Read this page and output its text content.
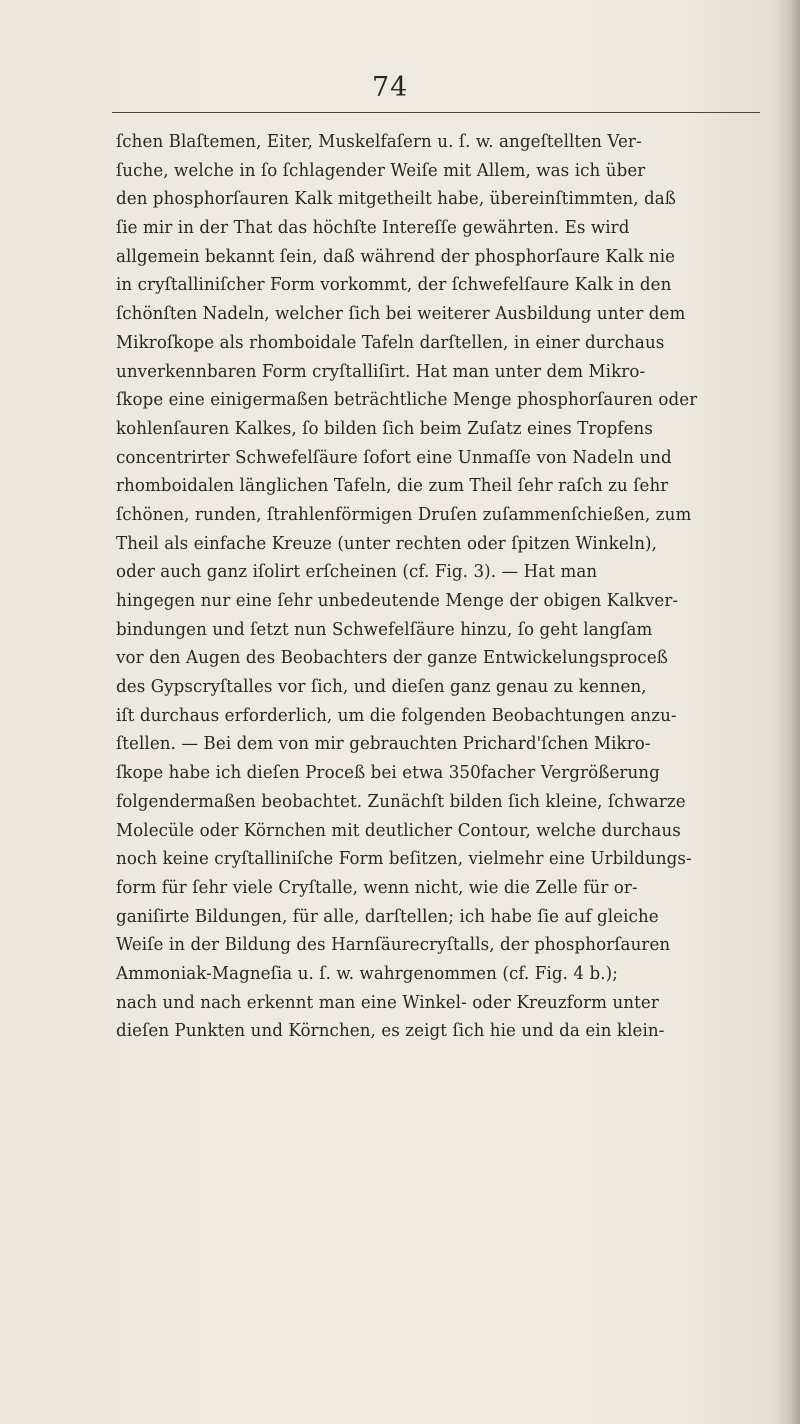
74
ſchen Blaſtemen, Eiter, Muskelfaſern u. ſ. w. angeſtellten Ver-
ſuche, welche in ſo ſchlagender Weiſe mit Allem, was ich über
den phosphorſauren Kalk mitgetheilt habe, übereinſtimmten, daß
ſie mir in der That das höchſte Intereſſe gewährten. Es wird
allgemein bekannt ſein, daß während der phosphorſaure Kalk nie
in cryſtalliniſcher Form vorkommt, der ſchwefelſaure Kalk in den
ſchönſten Nadeln, welcher ſich bei weiterer Ausbildung unter dem
Mikroſkope als rhomboidale Tafeln darſtellen, in einer durchaus
unverkennbaren Form cryſtalliſirt. Hat man unter dem Mikro-
ſkope eine einigermaßen beträchtliche Menge phosphorſauren oder
kohlenſauren Kalkes, ſo bilden ſich beim Zuſatz eines Tropfens
concentrirter Schwefelſäure ſofort eine Unmaſſe von Nadeln und
rhomboidalen länglichen Tafeln, die zum Theil ſehr raſch zu ſehr
ſchönen, runden, ſtrahlenförmigen Druſen zuſammenſchießen, zum
Theil als einfache Kreuze (unter rechten oder ſpitzen Winkeln),
oder auch ganz iſolirt erſcheinen (cf. Fig. 3). — Hat man
hingegen nur eine ſehr unbedeutende Menge der obigen Kalkver-
bindungen und ſetzt nun Schwefelſäure hinzu, ſo geht langſam
vor den Augen des Beobachters der ganze Entwickelungsproceß
des Gypscryſtalles vor ſich, und dieſen ganz genau zu kennen,
iſt durchaus erforderlich, um die folgenden Beobachtungen anzu-
ſtellen. — Bei dem von mir gebrauchten Prichard'ſchen Mikro-
ſkope habe ich dieſen Proceß bei etwa 350facher Vergrößerung
folgendermaßen beobachtet. Zunächſt bilden ſich kleine, ſchwarze
Molecüle oder Körnchen mit deutlicher Contour, welche durchaus
noch keine cryſtalliniſche Form beſitzen, vielmehr eine Urbildungs-
form für ſehr viele Cryſtalle, wenn nicht, wie die Zelle für or-
ganiſirte Bildungen, für alle, darſtellen; ich habe ſie auf gleiche
Weiſe in der Bildung des Harnſäurecryſtalls, der phosphorſauren
Ammoniak-Magneſia u. ſ. w. wahrgenommen (cf. Fig. 4 b.);
nach und nach erkennt man eine Winkel- oder Kreuzform unter
dieſen Punkten und Körnchen, es zeigt ſich hie und da ein klein-
